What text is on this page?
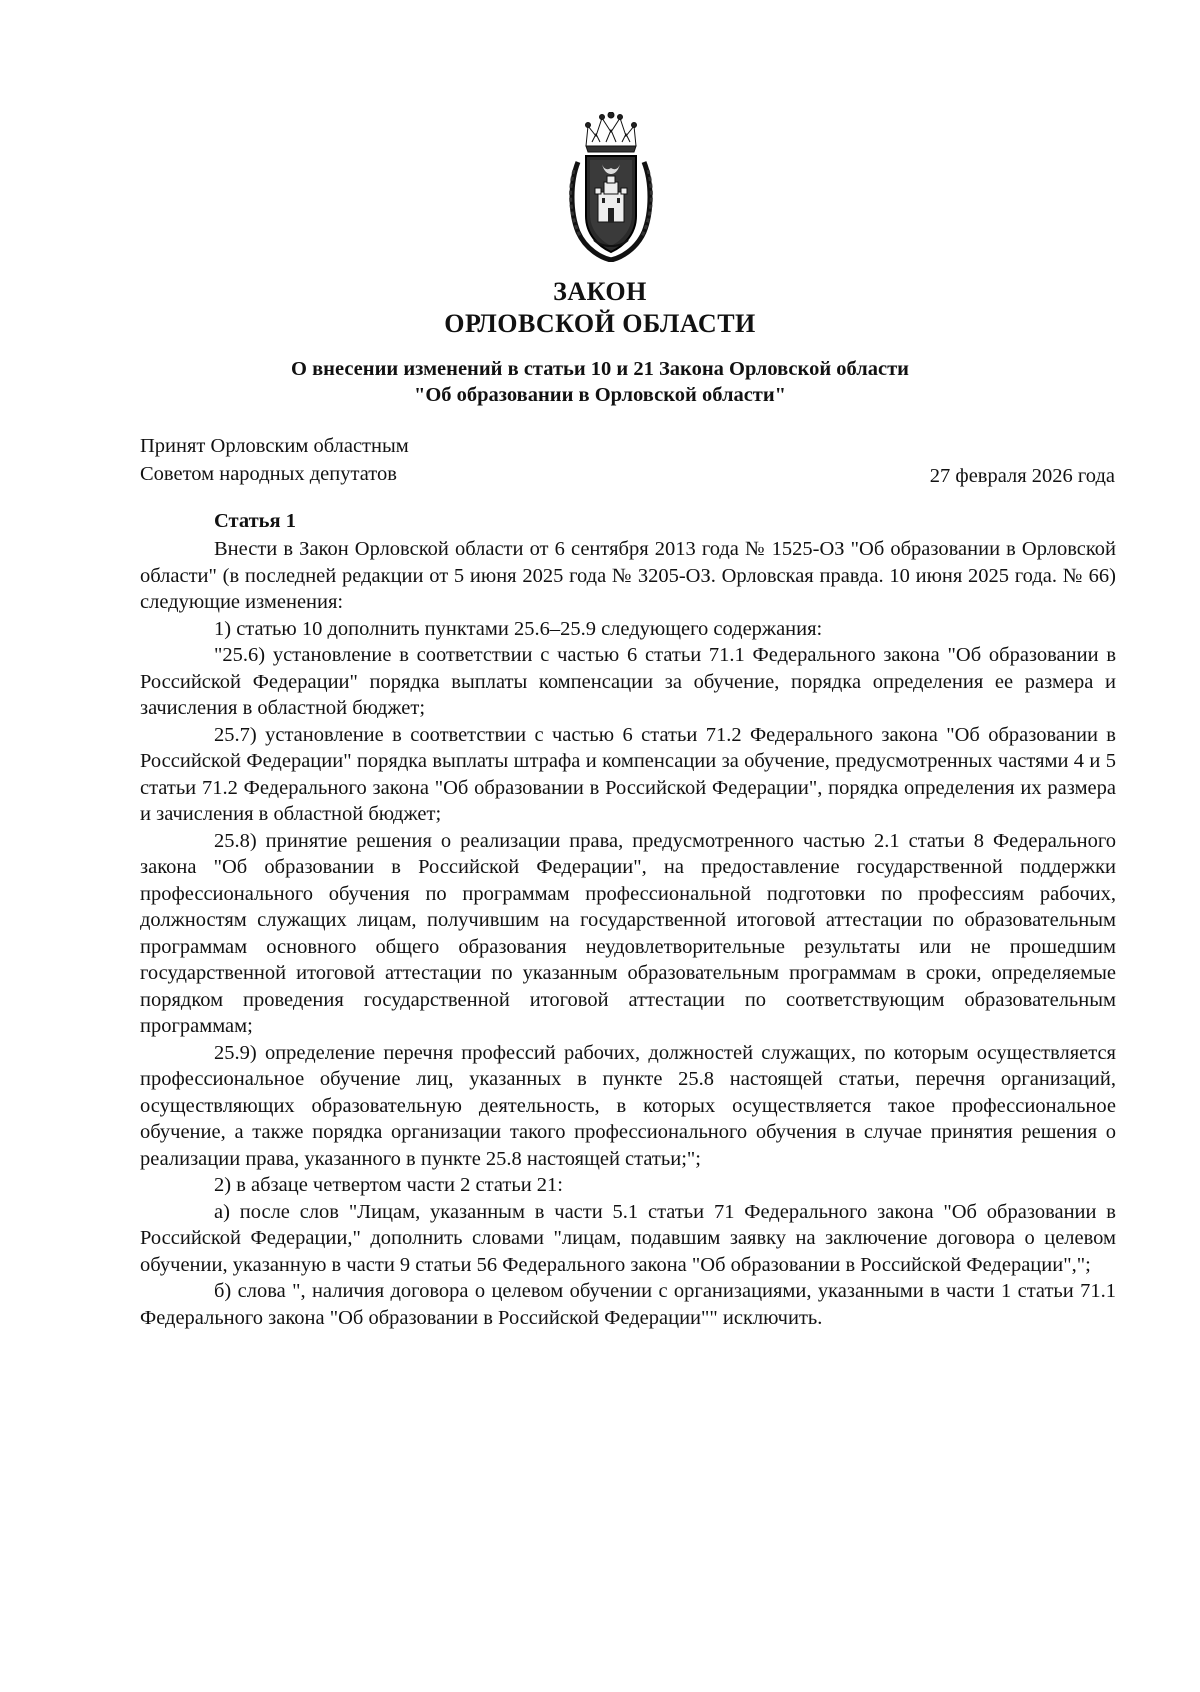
ЗАКОН
ОРЛОВСКОЙ ОБЛАСТИ
О внесении изменений в статьи 10 и 21 Закона Орловской области
"Об образовании в Орловской области"
Принят Орловским областным
Советом народных депутатов	27 февраля 2026 года
Статья 1

Внести в Закон Орловской области от 6 сентября 2013 года № 1525-ОЗ "Об образовании в Орловской области" (в последней редакции от 5 июня 2025 года № 3205-ОЗ. Орловская правда. 10 июня 2025 года. № 66) следующие изменения:

1) статью 10 дополнить пунктами 25.6–25.9 следующего содержания:

"25.6) установление в соответствии с частью 6 статьи 71.1 Федерального закона "Об образовании в Российской Федерации" порядка выплаты компенсации за обучение, порядка определения ее размера и зачисления в областной бюджет;

25.7) установление в соответствии с частью 6 статьи 71.2 Федерального закона "Об образовании в Российской Федерации" порядка выплаты штрафа и компенсации за обучение, предусмотренных частями 4 и 5 статьи 71.2 Федерального закона "Об образовании в Российской Федерации", порядка определения их размера и зачисления в областной бюджет;

25.8) принятие решения о реализации права, предусмотренного частью 2.1 статьи 8 Федерального закона "Об образовании в Российской Федерации", на предоставление государственной поддержки профессионального обучения по программам профессиональной подготовки по профессиям рабочих, должностям служащих лицам, получившим на государственной итоговой аттестации по образовательным программам основного общего образования неудовлетворительные результаты или не прошедшим государственной итоговой аттестации по указанным образовательным программам в сроки, определяемые порядком проведения государственной итоговой аттестации по соответствующим образовательным программам;

25.9) определение перечня профессий рабочих, должностей служащих, по которым осуществляется профессиональное обучение лиц, указанных в пункте 25.8 настоящей статьи, перечня организаций, осуществляющих образовательную деятельность, в которых осуществляется такое профессиональное обучение, а также порядка организации такого профессионального обучения в случае принятия решения о реализации права, указанного в пункте 25.8 настоящей статьи;";

2) в абзаце четвертом части 2 статьи 21:

а) после слов "Лицам, указанным в части 5.1 статьи 71 Федерального закона "Об образовании в Российской Федерации," дополнить словами "лицам, подавшим заявку на заключение договора о целевом обучении, указанную в части 9 статьи 56 Федерального закона "Об образовании в Российской Федерации",";

б) слова ", наличия договора о целевом обучении с организациями, указанными в части 1 статьи 71.1 Федерального закона "Об образовании в Российской Федерации"" исключить.
